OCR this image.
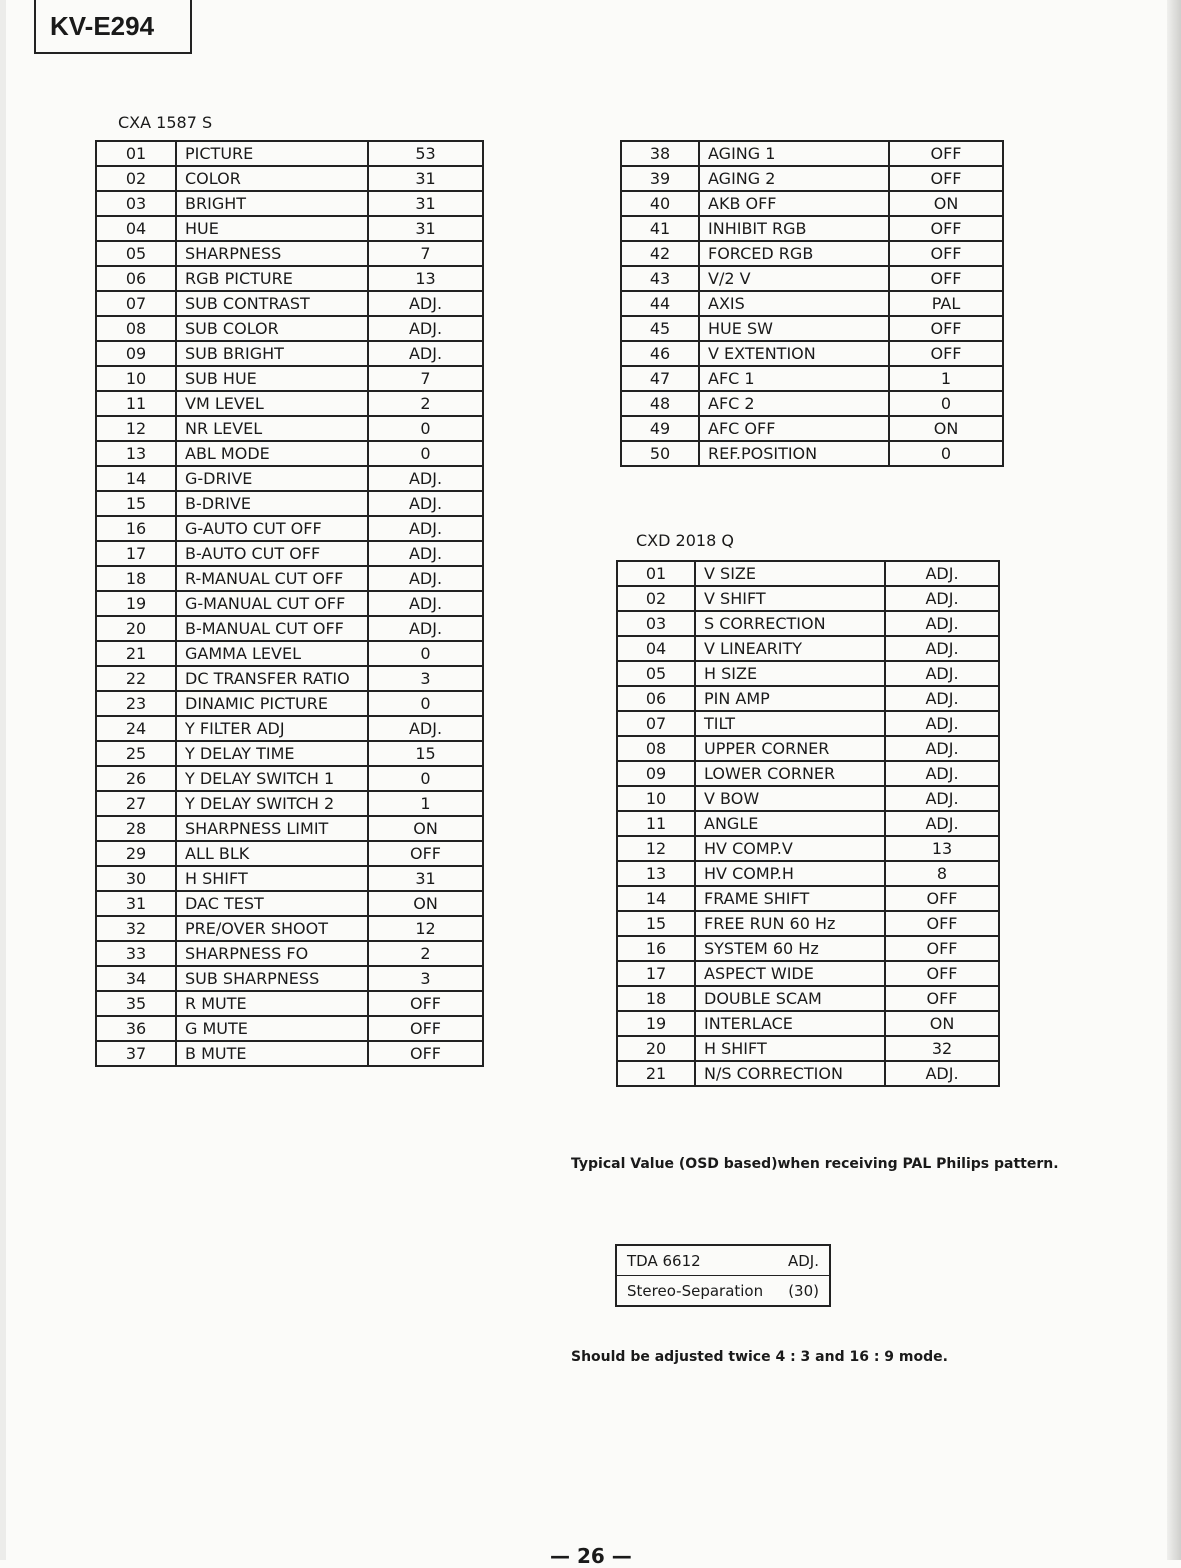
KV-E294
CXA 1587 S
01	PICTURE	53
02	COLOR	31
03	BRIGHT	31
04	HUE	31
05	SHARPNESS	7
06	RGB PICTURE	13
07	SUB CONTRAST	ADJ.
08	SUB COLOR	ADJ.
09	SUB BRIGHT	ADJ.
10	SUB HUE	7
11	VM LEVEL	2
12	NR LEVEL	0
13	ABL MODE	0
14	G-DRIVE	ADJ.
15	B-DRIVE	ADJ.
16	G-AUTO CUT OFF	ADJ.
17	B-AUTO CUT OFF	ADJ.
18	R-MANUAL CUT OFF	ADJ.
19	G-MANUAL CUT OFF	ADJ.
20	B-MANUAL CUT OFF	ADJ.
21	GAMMA LEVEL	0
22	DC TRANSFER RATIO	3
23	DINAMIC PICTURE	0
24	Y FILTER ADJ	ADJ.
25	Y DELAY TIME	15
26	Y DELAY SWITCH 1	0
27	Y DELAY SWITCH 2	1
28	SHARPNESS LIMIT	ON
29	ALL BLK	OFF
30	H SHIFT	31
31	DAC TEST	ON
32	PRE/OVER SHOOT	12
33	SHARPNESS FO	2
34	SUB SHARPNESS	3
35	R MUTE	OFF
36	G MUTE	OFF
37	B MUTE	OFF
38	AGING 1	OFF
39	AGING 2	OFF
40	AKB OFF	ON
41	INHIBIT RGB	OFF
42	FORCED RGB	OFF
43	V/2 V	OFF
44	AXIS	PAL
45	HUE SW	OFF
46	V EXTENTION	OFF
47	AFC 1	1
48	AFC 2	0
49	AFC OFF	ON
50	REF.POSITION	0
CXD 2018 Q
01	V SIZE	ADJ.
02	V SHIFT	ADJ.
03	S CORRECTION	ADJ.
04	V LINEARITY	ADJ.
05	H SIZE	ADJ.
06	PIN AMP	ADJ.
07	TILT	ADJ.
08	UPPER CORNER	ADJ.
09	LOWER CORNER	ADJ.
10	V BOW	ADJ.
11	ANGLE	ADJ.
12	HV COMP.V	13
13	HV COMP.H	8
14	FRAME SHIFT	OFF
15	FREE RUN 60 Hz	OFF
16	SYSTEM 60 Hz	OFF
17	ASPECT WIDE	OFF
18	DOUBLE SCAM	OFF
19	INTERLACE	ON
20	H SHIFT	32
21	N/S CORRECTION	ADJ.
Typical Value (OSD based)when receiving PAL Philips pattern.
TDA 6612	ADJ.
Stereo-Separation (30)
Should be adjusted twice 4 : 3 and 16 : 9 mode.
— 26 —
